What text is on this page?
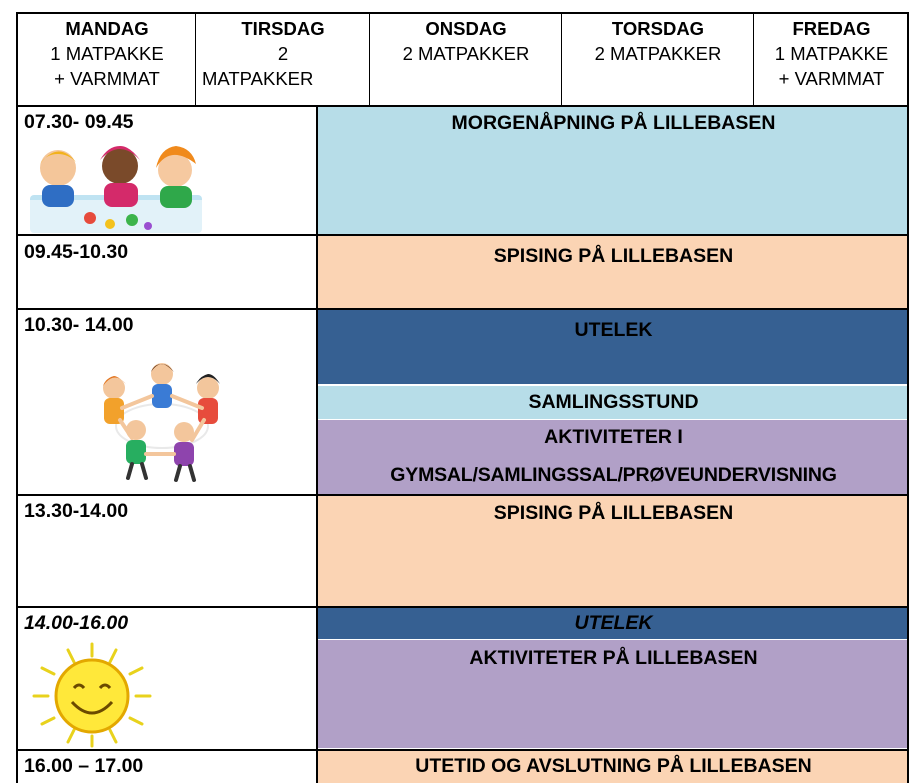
MANDAG
1 MATPAKKE
+ VARMMAT
TIRSDAG
2
MATPAKKER
ONSDAG
2 MATPAKKER
TORSDAG
2 MATPAKKER
FREDAG
1 MATPAKKE
+ VARMMAT
07.30- 09.45
09.45-10.30
10.30- 14.00
13.30-14.00
14.00-16.00
16.00 – 17.00
MORGENÅPNING PÅ LILLEBASEN
SPISING PÅ LILLEBASEN
UTELEK
SAMLINGSSTUND
AKTIVITETER I
GYMSAL/SAMLINGSSAL/PRØVEUNDERVISNING
SPISING PÅ LILLEBASEN
UTELEK
AKTIVITETER PÅ LILLEBASEN
UTETID OG AVSLUTNING PÅ LILLEBASEN
